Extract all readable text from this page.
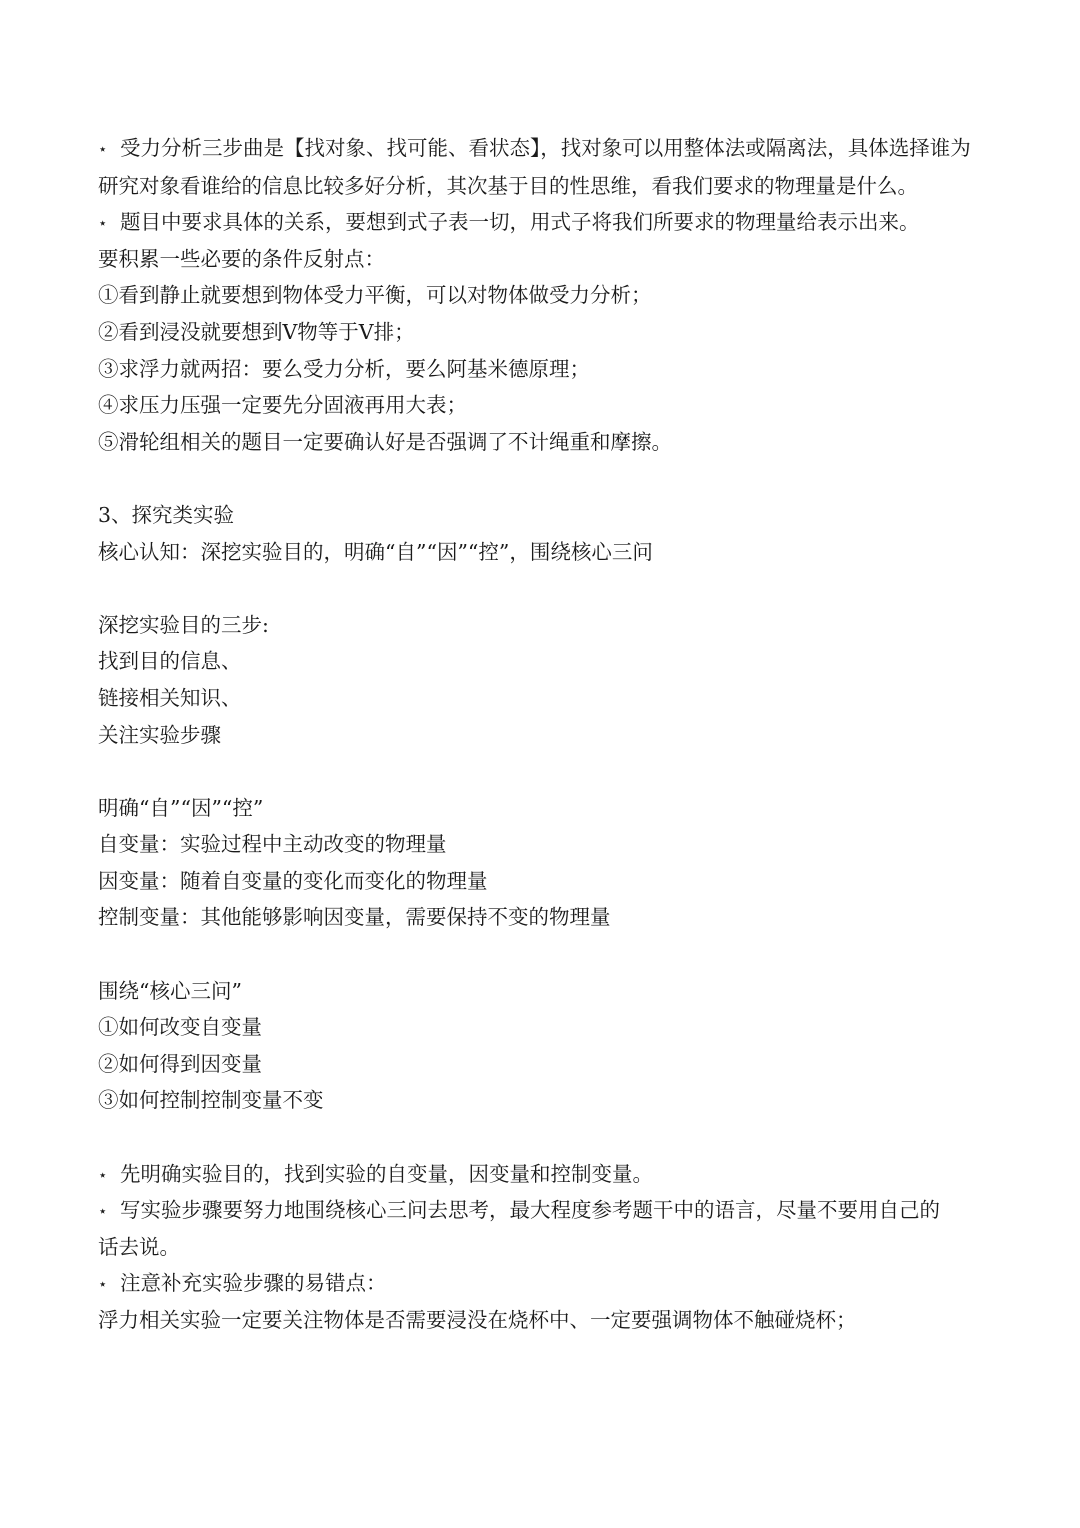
⋆ 受力分析三步曲是【找对象、找可能、看状态】，找对象可以用整体法或隔离法，具体选择谁为研究对象看谁给的信息比较多好分析，其次基于目的性思维，看我们要求的物理量是什么。
⋆ 题目中要求具体的关系，要想到式子表一切，用式子将我们所要求的物理量给表示出来。
要积累一些必要的条件反射点：
①看到静止就要想到物体受力平衡，可以对物体做受力分析；
②看到浸没就要想到V物等于V排；
③求浮力就两招：要么受力分析，要么阿基米德原理；
④求压力压强一定要先分固液再用大表；
⑤滑轮组相关的题目一定要确认好是否强调了不计绳重和摩擦。
3、探究类实验
核心认知：深挖实验目的，明确“自”“因”“控”，围绕核心三问
深挖实验目的三步:
找到目的信息、
链接相关知识、
关注实验步骤
明确“自”“因”“控”
自变量：实验过程中主动改变的物理量
因变量：随着自变量的变化而变化的物理量
控制变量：其他能够影响因变量，需要保持不变的物理量
围绕“核心三问”
①如何改变自变量
②如何得到因变量
③如何控制控制变量不变
⋆ 先明确实验目的，找到实验的自变量，因变量和控制变量。
⋆ 写实验步骤要努力地围绕核心三问去思考，最大程度参考题干中的语言，尽量不要用自己的
话去说。
⋆ 注意补充实验步骤的易错点：
浮力相关实验一定要关注物体是否需要浸没在烧杯中、一定要强调物体不触碰烧杯；
